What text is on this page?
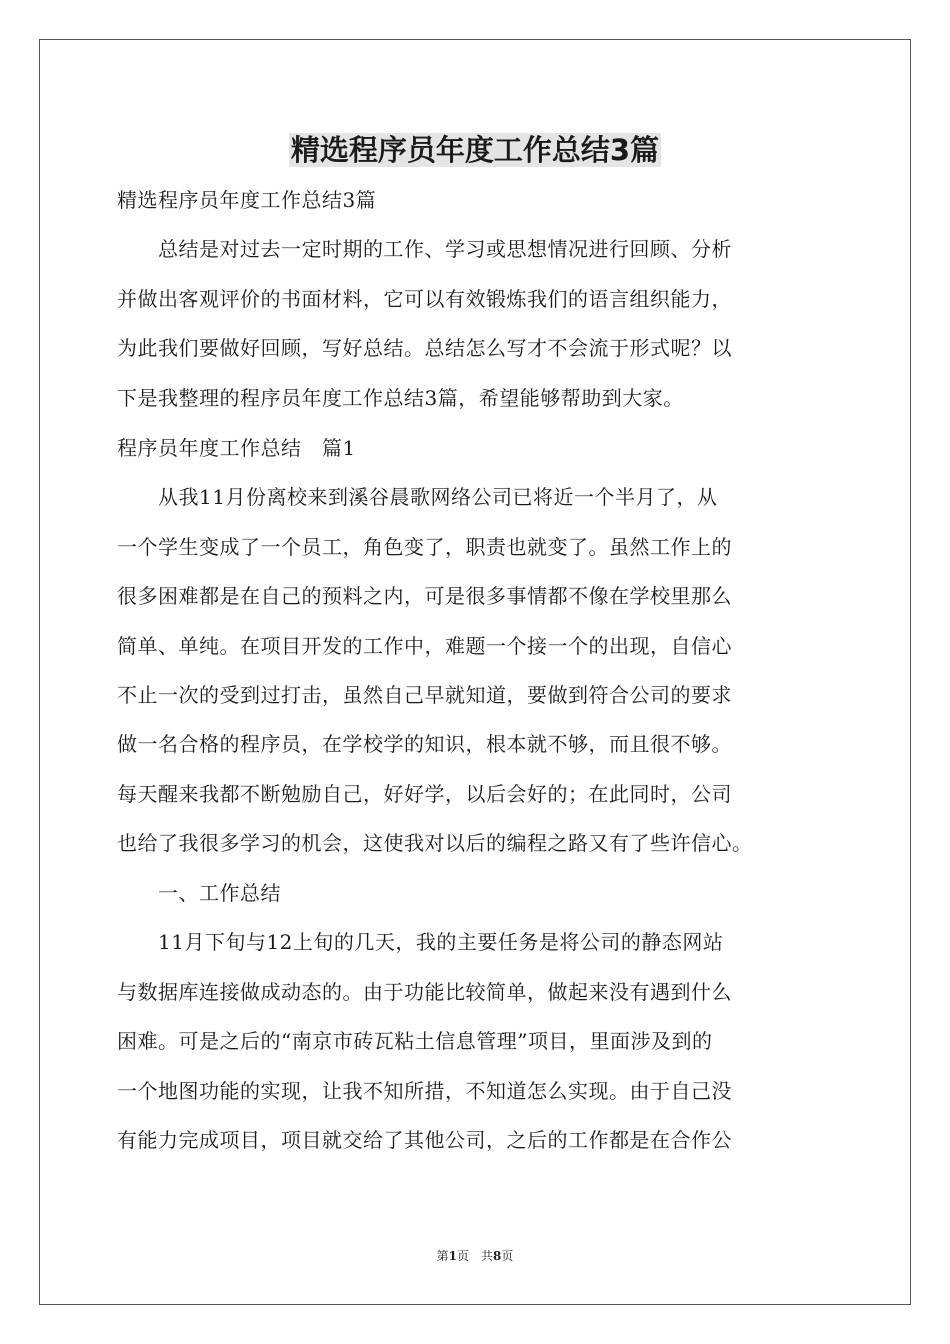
精选程序员年度工作总结3篇
精选程序员年度工作总结3篇
　　总结是对过去一定时期的工作、学习或思想情况进行回顾、分析
并做出客观评价的书面材料，它可以有效锻炼我们的语言组织能力，
为此我们要做好回顾，写好总结。总结怎么写才不会流于形式呢？以
下是我整理的程序员年度工作总结3篇，希望能够帮助到大家。
程序员年度工作总结　篇1
　　从我11月份离校来到溪谷晨歌网络公司已将近一个半月了，从
一个学生变成了一个员工，角色变了，职责也就变了。虽然工作上的
很多困难都是在自己的预料之内，可是很多事情都不像在学校里那么
简单、单纯。在项目开发的工作中，难题一个接一个的出现，自信心
不止一次的受到过打击，虽然自己早就知道，要做到符合公司的要求
做一名合格的程序员，在学校学的知识，根本就不够，而且很不够。
每天醒来我都不断勉励自己，好好学，以后会好的；在此同时，公司
也给了我很多学习的机会，这使我对以后的编程之路又有了些许信心。
　　一、工作总结
　　11月下旬与12上旬的几天，我的主要任务是将公司的静态网站
与数据库连接做成动态的。由于功能比较简单，做起来没有遇到什么
困难。可是之后的“南京市砖瓦粘土信息管理”项目，里面涉及到的
一个地图功能的实现，让我不知所措，不知道怎么实现。由于自己没
有能力完成项目，项目就交给了其他公司，之后的工作都是在合作公
第1页　共8页
